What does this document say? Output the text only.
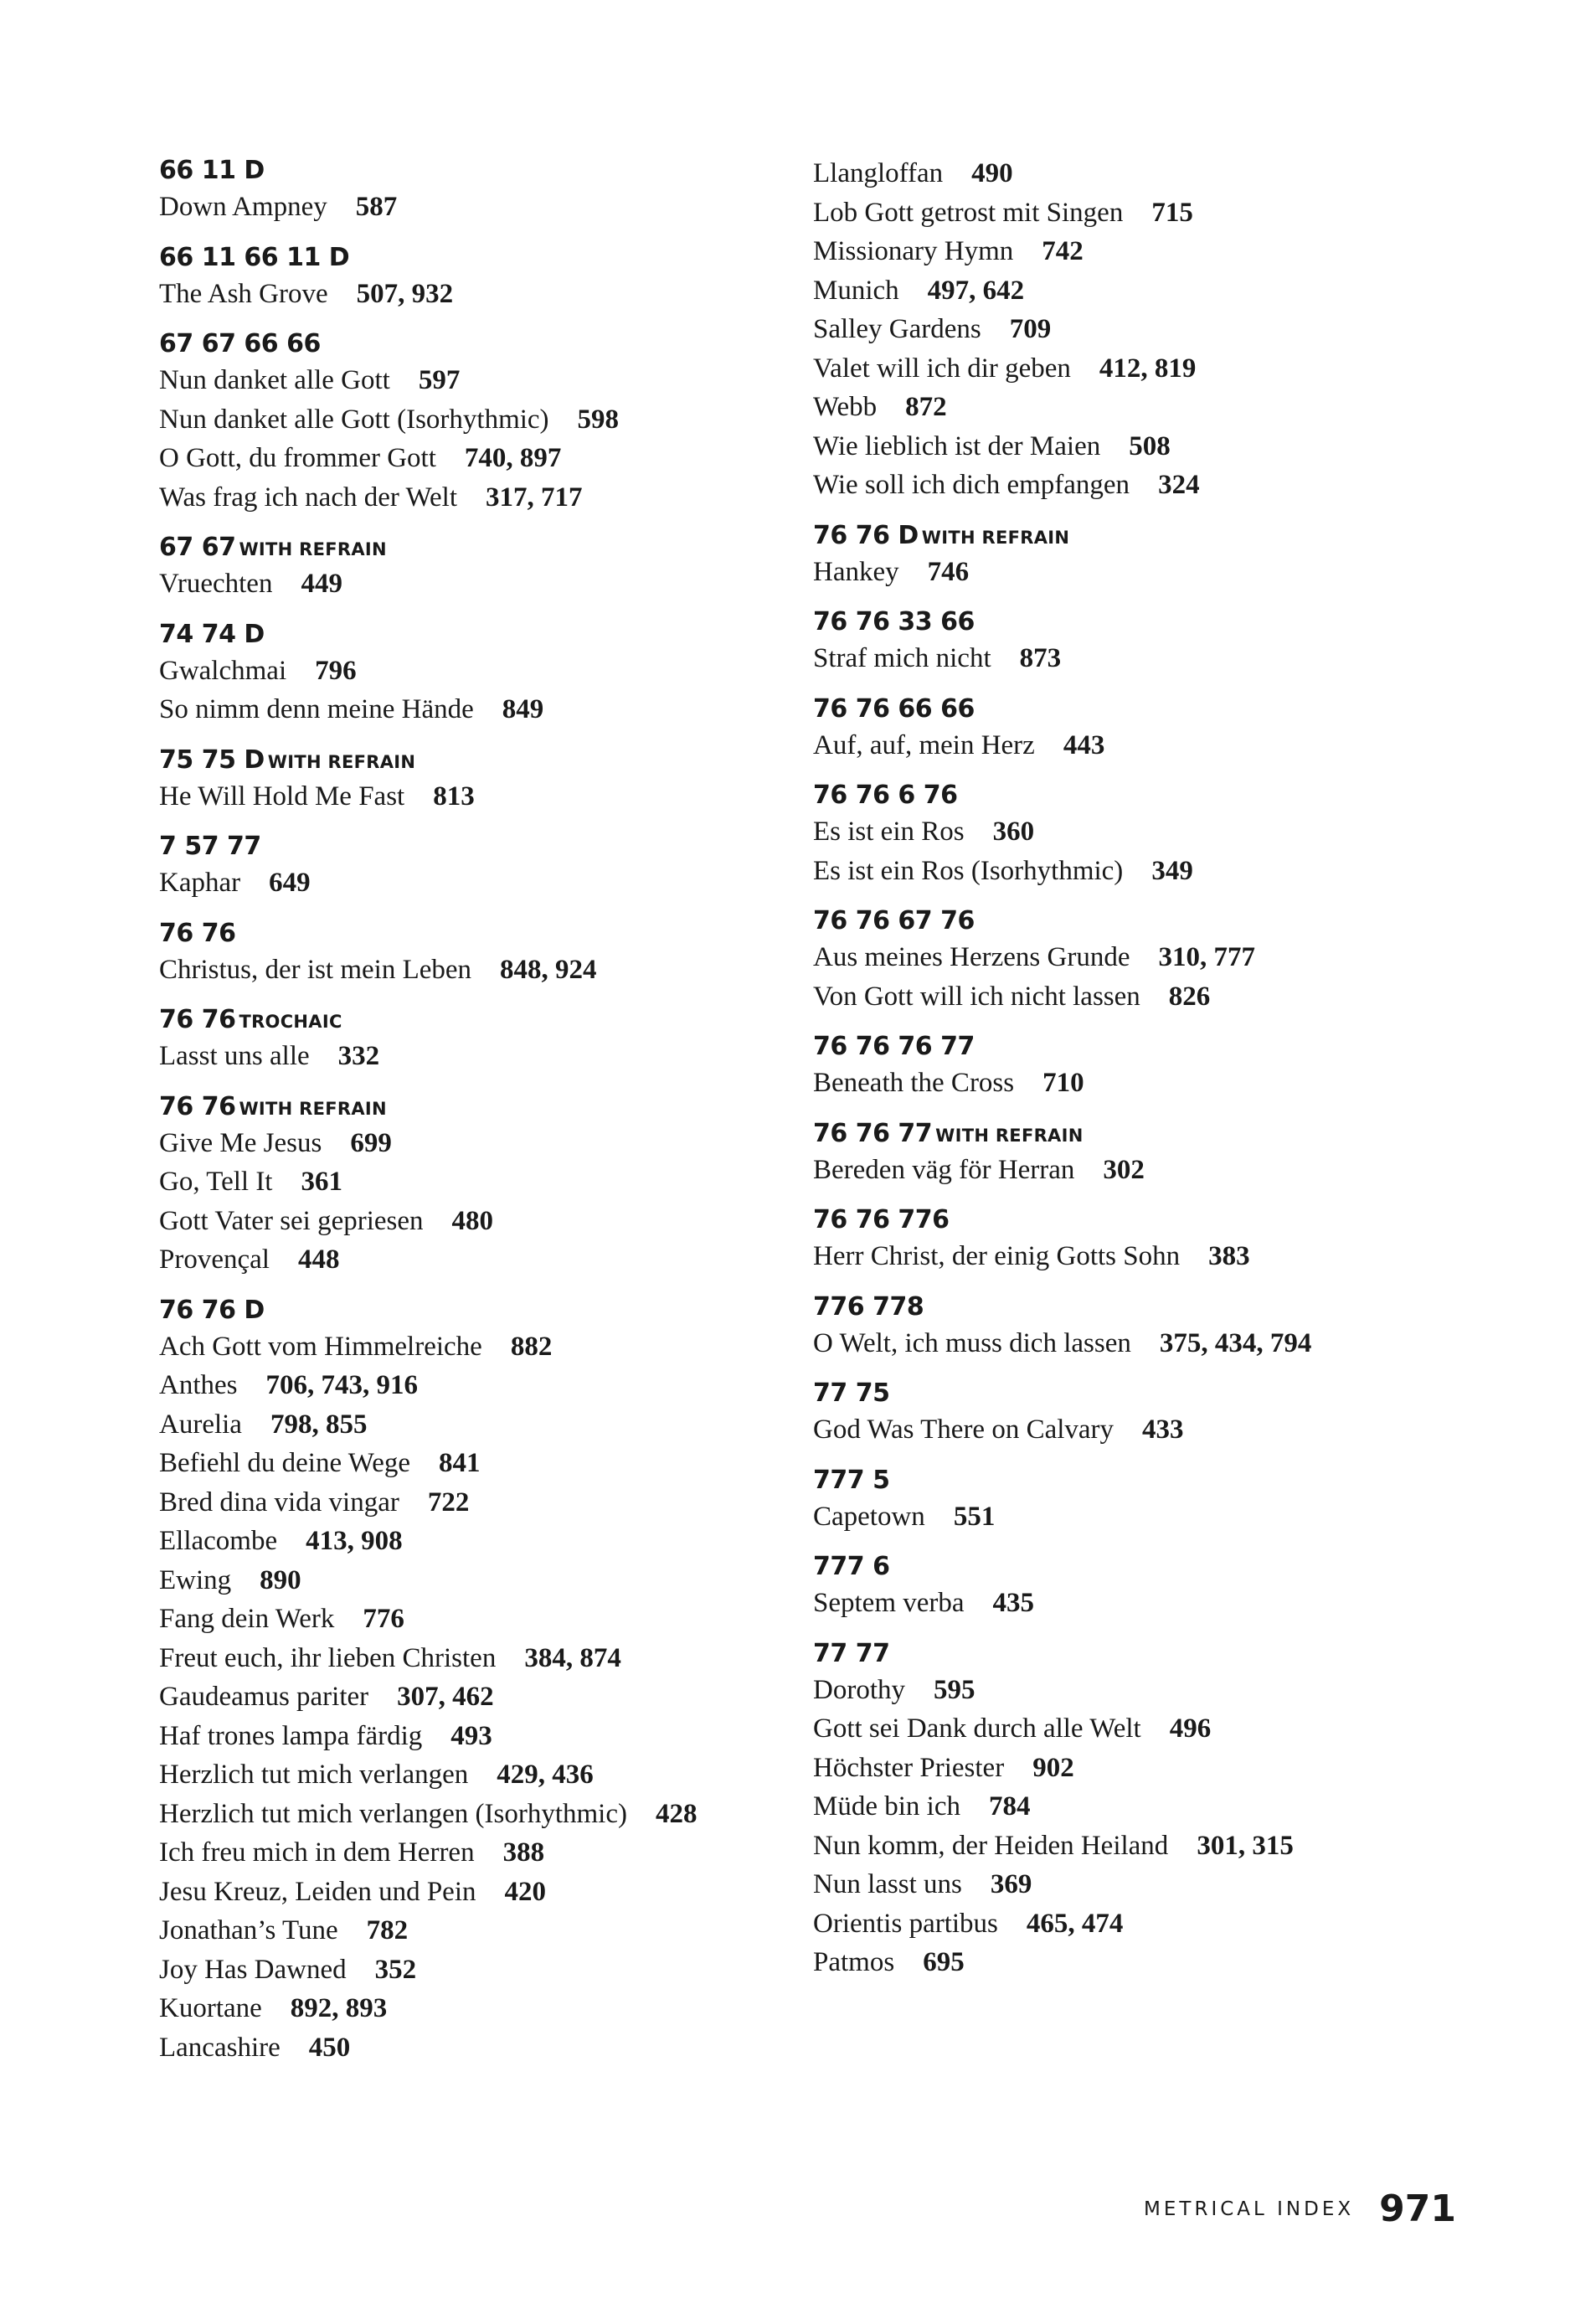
66 11 D
Down Ampney 587
66 11 66 11 D
The Ash Grove 507, 932
67 67 66 66
Nun danket alle Gott 597
Nun danket alle Gott (Isorhythmic) 598
O Gott, du frommer Gott 740, 897
Was frag ich nach der Welt 317, 717
67 67 WITH REFRAIN
Vruechten 449
74 74 D
Gwalchmai 796
So nimm denn meine Hände 849
75 75 D WITH REFRAIN
He Will Hold Me Fast 813
7 57 77
Kaphar 649
76 76
Christus, der ist mein Leben 848, 924
76 76 TROCHAIC
Lasst uns alle 332
76 76 WITH REFRAIN
Give Me Jesus 699
Go, Tell It 361
Gott Vater sei gepriesen 480
Provençal 448
76 76 D
Ach Gott vom Himmelreiche 882
Anthes 706, 743, 916
Aurelia 798, 855
Befiehl du deine Wege 841
Bred dina vida vingar 722
Ellacombe 413, 908
Ewing 890
Fang dein Werk 776
Freut euch, ihr lieben Christen 384, 874
Gaudeamus pariter 307, 462
Haf trones lampa färdig 493
Herzlich tut mich verlangen 429, 436
Herzlich tut mich verlangen (Isorhythmic) 428
Ich freu mich in dem Herren 388
Jesu Kreuz, Leiden und Pein 420
Jonathan’s Tune 782
Joy Has Dawned 352
Kuortane 892, 893
Lancashire 450
Llangloffan 490
Lob Gott getrost mit Singen 715
Missionary Hymn 742
Munich 497, 642
Salley Gardens 709
Valet will ich dir geben 412, 819
Webb 872
Wie lieblich ist der Maien 508
Wie soll ich dich empfangen 324
76 76 D WITH REFRAIN
Hankey 746
76 76 33 66
Straf mich nicht 873
76 76 66 66
Auf, auf, mein Herz 443
76 76 6 76
Es ist ein Ros 360
Es ist ein Ros (Isorhythmic) 349
76 76 67 76
Aus meines Herzens Grunde 310, 777
Von Gott will ich nicht lassen 826
76 76 76 77
Beneath the Cross 710
76 76 77 WITH REFRAIN
Bereden väg för Herran 302
76 76 776
Herr Christ, der einig Gotts Sohn 383
776 778
O Welt, ich muss dich lassen 375, 434, 794
77 75
God Was There on Calvary 433
777 5
Capetown 551
777 6
Septem verba 435
77 77
Dorothy 595
Gott sei Dank durch alle Welt 496
Höchster Priester 902
Müde bin ich 784
Nun komm, der Heiden Heiland 301, 315
Nun lasst uns 369
Orientis partibus 465, 474
Patmos 695
METRICAL INDEX 971
